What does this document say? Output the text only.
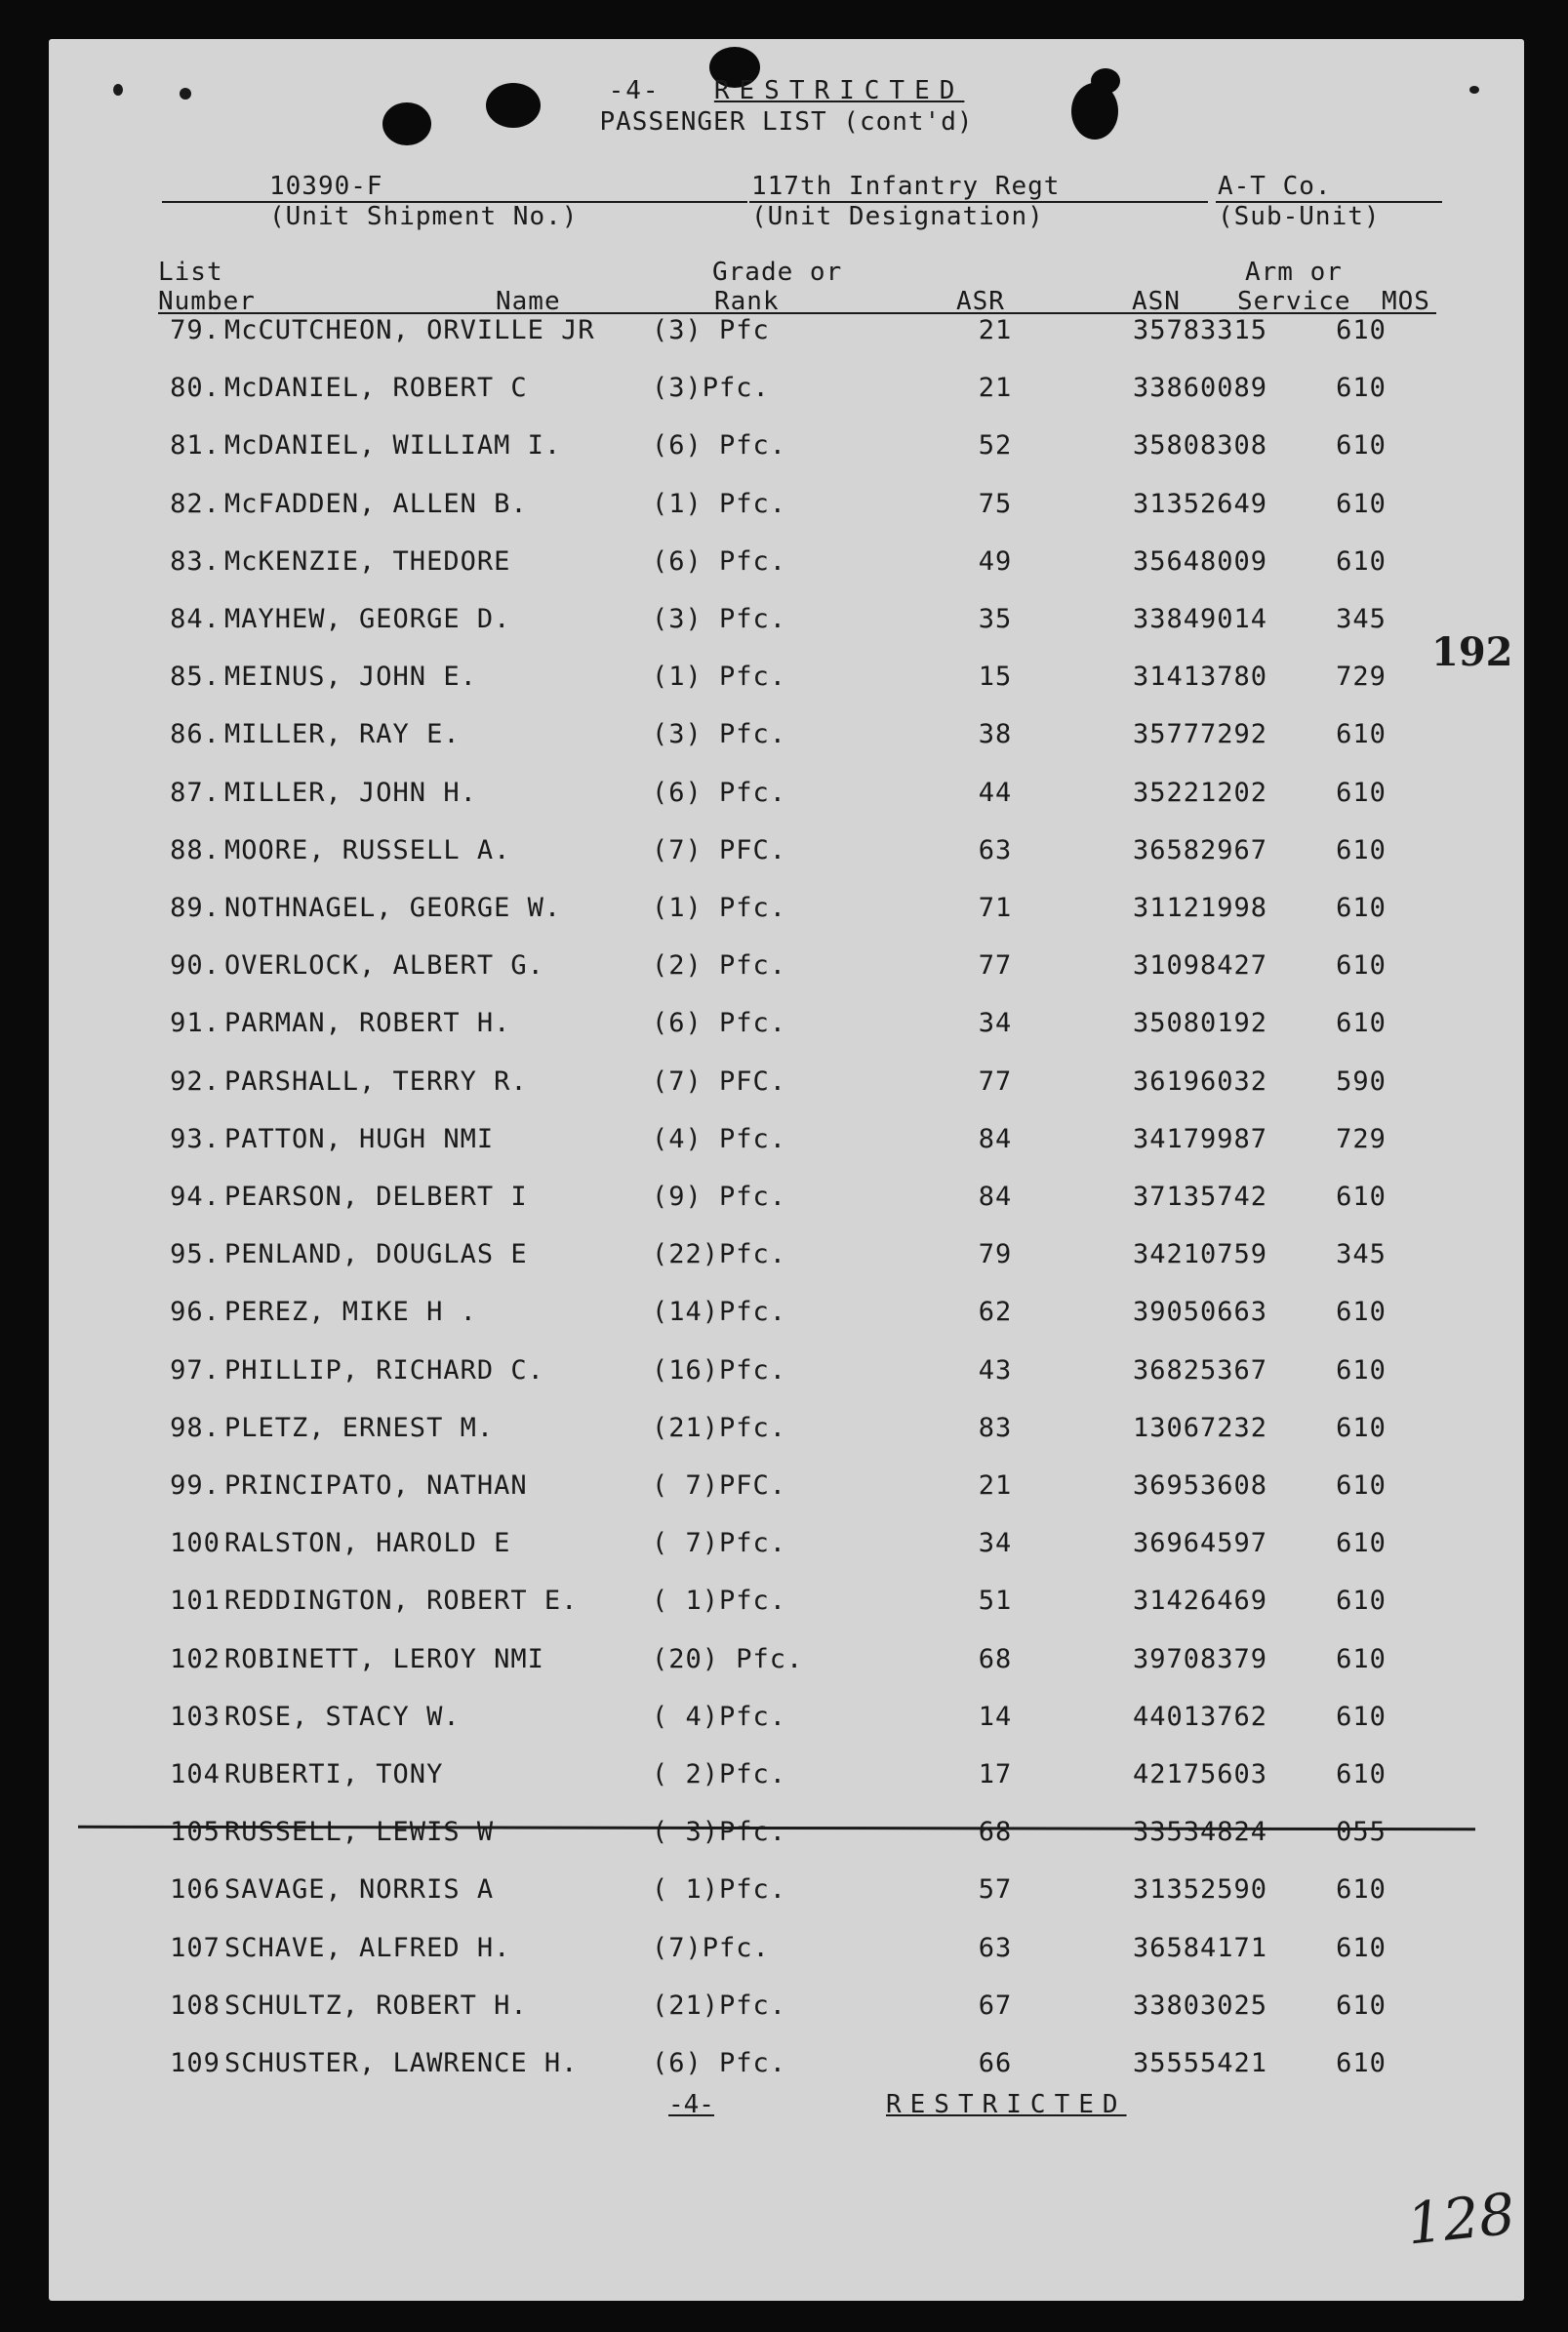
-4- RESTRICTED
PASSENGER LIST (cont'd)
10390-F
(Unit Shipment No.)
117th Infantry Regt
(Unit Designation)
A-T Co.
(Sub-Unit)
List
Number	Name
Grade or
Rank	ASR	ASN
Arm or
Service MOS
79. McCUTCHEON, ORVILLE JR (3) Pfc	21	35783315	610
80. McDANIEL, ROBERT C	(3)Pfc.	21	33860089	610
81. McDANIEL, WILLIAM I.	(6) Pfc.	52	35808308	610
82. McFADDEN, ALLEN B.	(1) Pfc.	75	31352649	610
83. McKENZIE, THEDORE	(6) Pfc.	49	35648009	610
84. MAYHEW, GEORGE D.	(3) Pfc.	35	33849014	345
85. MEINUS, JOHN E.	(1) Pfc.	15	31413780	729
86. MILLER, RAY E.	(3) Pfc.	38	35777292	610
87. MILLER, JOHN H.	(6) Pfc.	44	35221202	610
88. MOORE, RUSSELL A.	(7) PFC.	63	36582967	610
89. NOTHNAGEL, GEORGE W.	(1) Pfc.	71	31121998	610
90. OVERLOCK, ALBERT G.	(2) Pfc.	77	31098427	610
91. PARMAN, ROBERT H.	(6) Pfc.	34	35080192	610
92. PARSHALL, TERRY R.	(7) PFC.	77	36196032	590
93. PATTON, HUGH NMI	(4) Pfc.	84	34179987	729
94. PEARSON, DELBERT I	(9) Pfc.	84	37135742	610
95. PENLAND, DOUGLAS E	(22)Pfc.	79	34210759	345
96. PEREZ, MIKE H .	(14)Pfc.	62	39050663	610
97. PHILLIP, RICHARD C.	(16)Pfc.	43	36825367	610
98. PLETZ, ERNEST M.	(21)Pfc.	83	13067232	610
99. PRINCIPATO, NATHAN	( 7)PFC.	21	36953608	610
100 RALSTON, HAROLD E	( 7)Pfc.	34	36964597	610
101 REDDINGTON, ROBERT E.	( 1)Pfc.	51	31426469	610
102 ROBINETT, LEROY NMI	(20) Pfc.	68	39708379	610
103 ROSE, STACY W.	( 4)Pfc.	14	44013762	610
104 RUBERTI, TONY	( 2)Pfc.	17	42175603	610
105 RUSSELL, LEWIS W	( 3)Pfc.	68	33534824	055
106 SAVAGE, NORRIS A	( 1)Pfc.	57	31352590	610
107 SCHAVE, ALFRED H.	(7)Pfc.	63	36584171	610
108 SCHULTZ, ROBERT H.	(21)Pfc.	67	33803025	610
109 SCHUSTER, LAWRENCE H.	(6) Pfc.	66	35555421	610
192
-4-	RESTRICTED
128
